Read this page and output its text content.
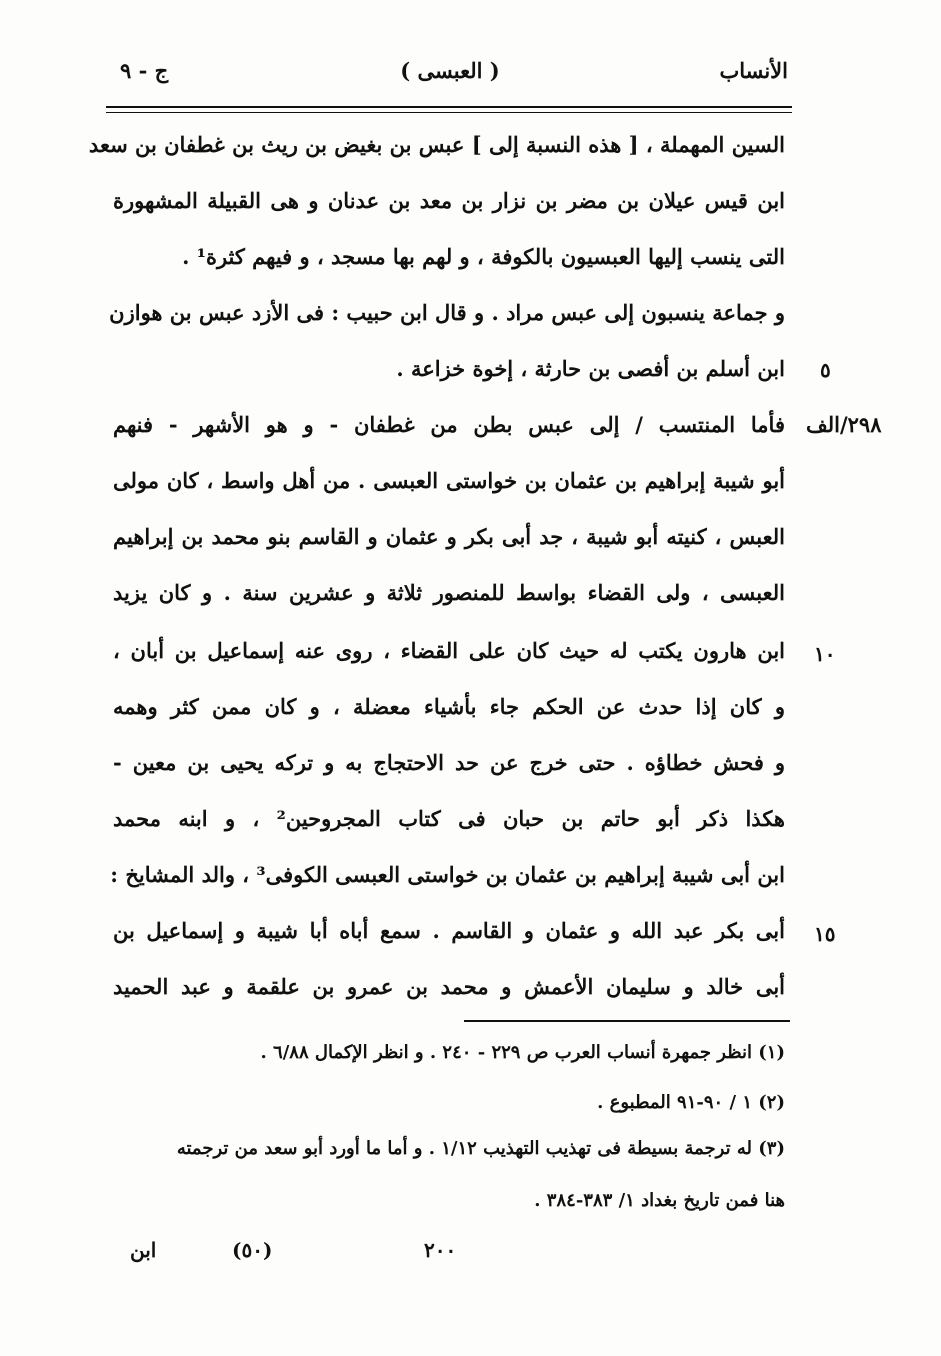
الأنساب
( العبسى )
ج - ٩
السين المهملة ، [ هذه النسبة إلى ] عبس بن بغيض بن ريث بن غطفان بن سعد
ابن قيس عيلان بن مضر بن نزار بن معد بن عدنان و هى القبيلة المشهورة
التى ينسب إليها العبسيون بالكوفة ، و لهم بها مسجد ، و فيهم كثرة¹ .
و جماعة ينسبون إلى عبس مراد . و قال ابن حبيب : فى الأزد عبس بن هوازن
ابن أسلم بن أفصى بن حارثة ، إخوة خزاعة .
فأما المنتسب / إلى عبس بطن من غطفان - و هو الأشهر - فنهم
أبو شيبة إبراهيم بن عثمان بن خواستى العبسى . من أهل واسط ، كان مولى
العبس ، كنيته أبو شيبة ، جد أبى بكر و عثمان و القاسم بنو محمد بن إبراهيم
العبسى ، ولى القضاء بواسط للمنصور ثلاثة و عشرين سنة . و كان يزيد
ابن هارون يكتب له حيث كان على القضاء ، روى عنه إسماعيل بن أبان ،
و كان إذا حدث عن الحكم جاء بأشياء معضلة ، و كان ممن كثر وهمه
و فحش خطاؤه . حتى خرج عن حد الاحتجاج به و تركه يحيى بن معين -
هكذا ذكر أبو حاتم بن حبان فى كتاب المجروحين² ، و ابنه محمد
ابن أبى شيبة إبراهيم بن عثمان بن خواستى العبسى الكوفى³ ، والد المشايخ :
أبى بكر عبد الله و عثمان و القاسم . سمع أباه أبا شيبة و إسماعيل بن
أبى خالد و سليمان الأعمش و محمد بن عمرو بن علقمة و عبد الحميد
٥
١٠
١٥
٢٩٨/الف
(١) انظر جمهرة أنساب العرب ص ٢٢٩ - ٢٤٠ . و انظر الإكمال ٦/٨٨ .
(٢) ١ / ٩٠-٩١ المطبوع .
(٣) له ترجمة بسيطة فى تهذيب التهذيب ١/١٢ . و أما ما أورد أبو سعد من ترجمته
هنا فمن تاريخ بغداد ١/ ٣٨٣-٣٨٤ .
٢٠٠
(٥٠)
ابن
